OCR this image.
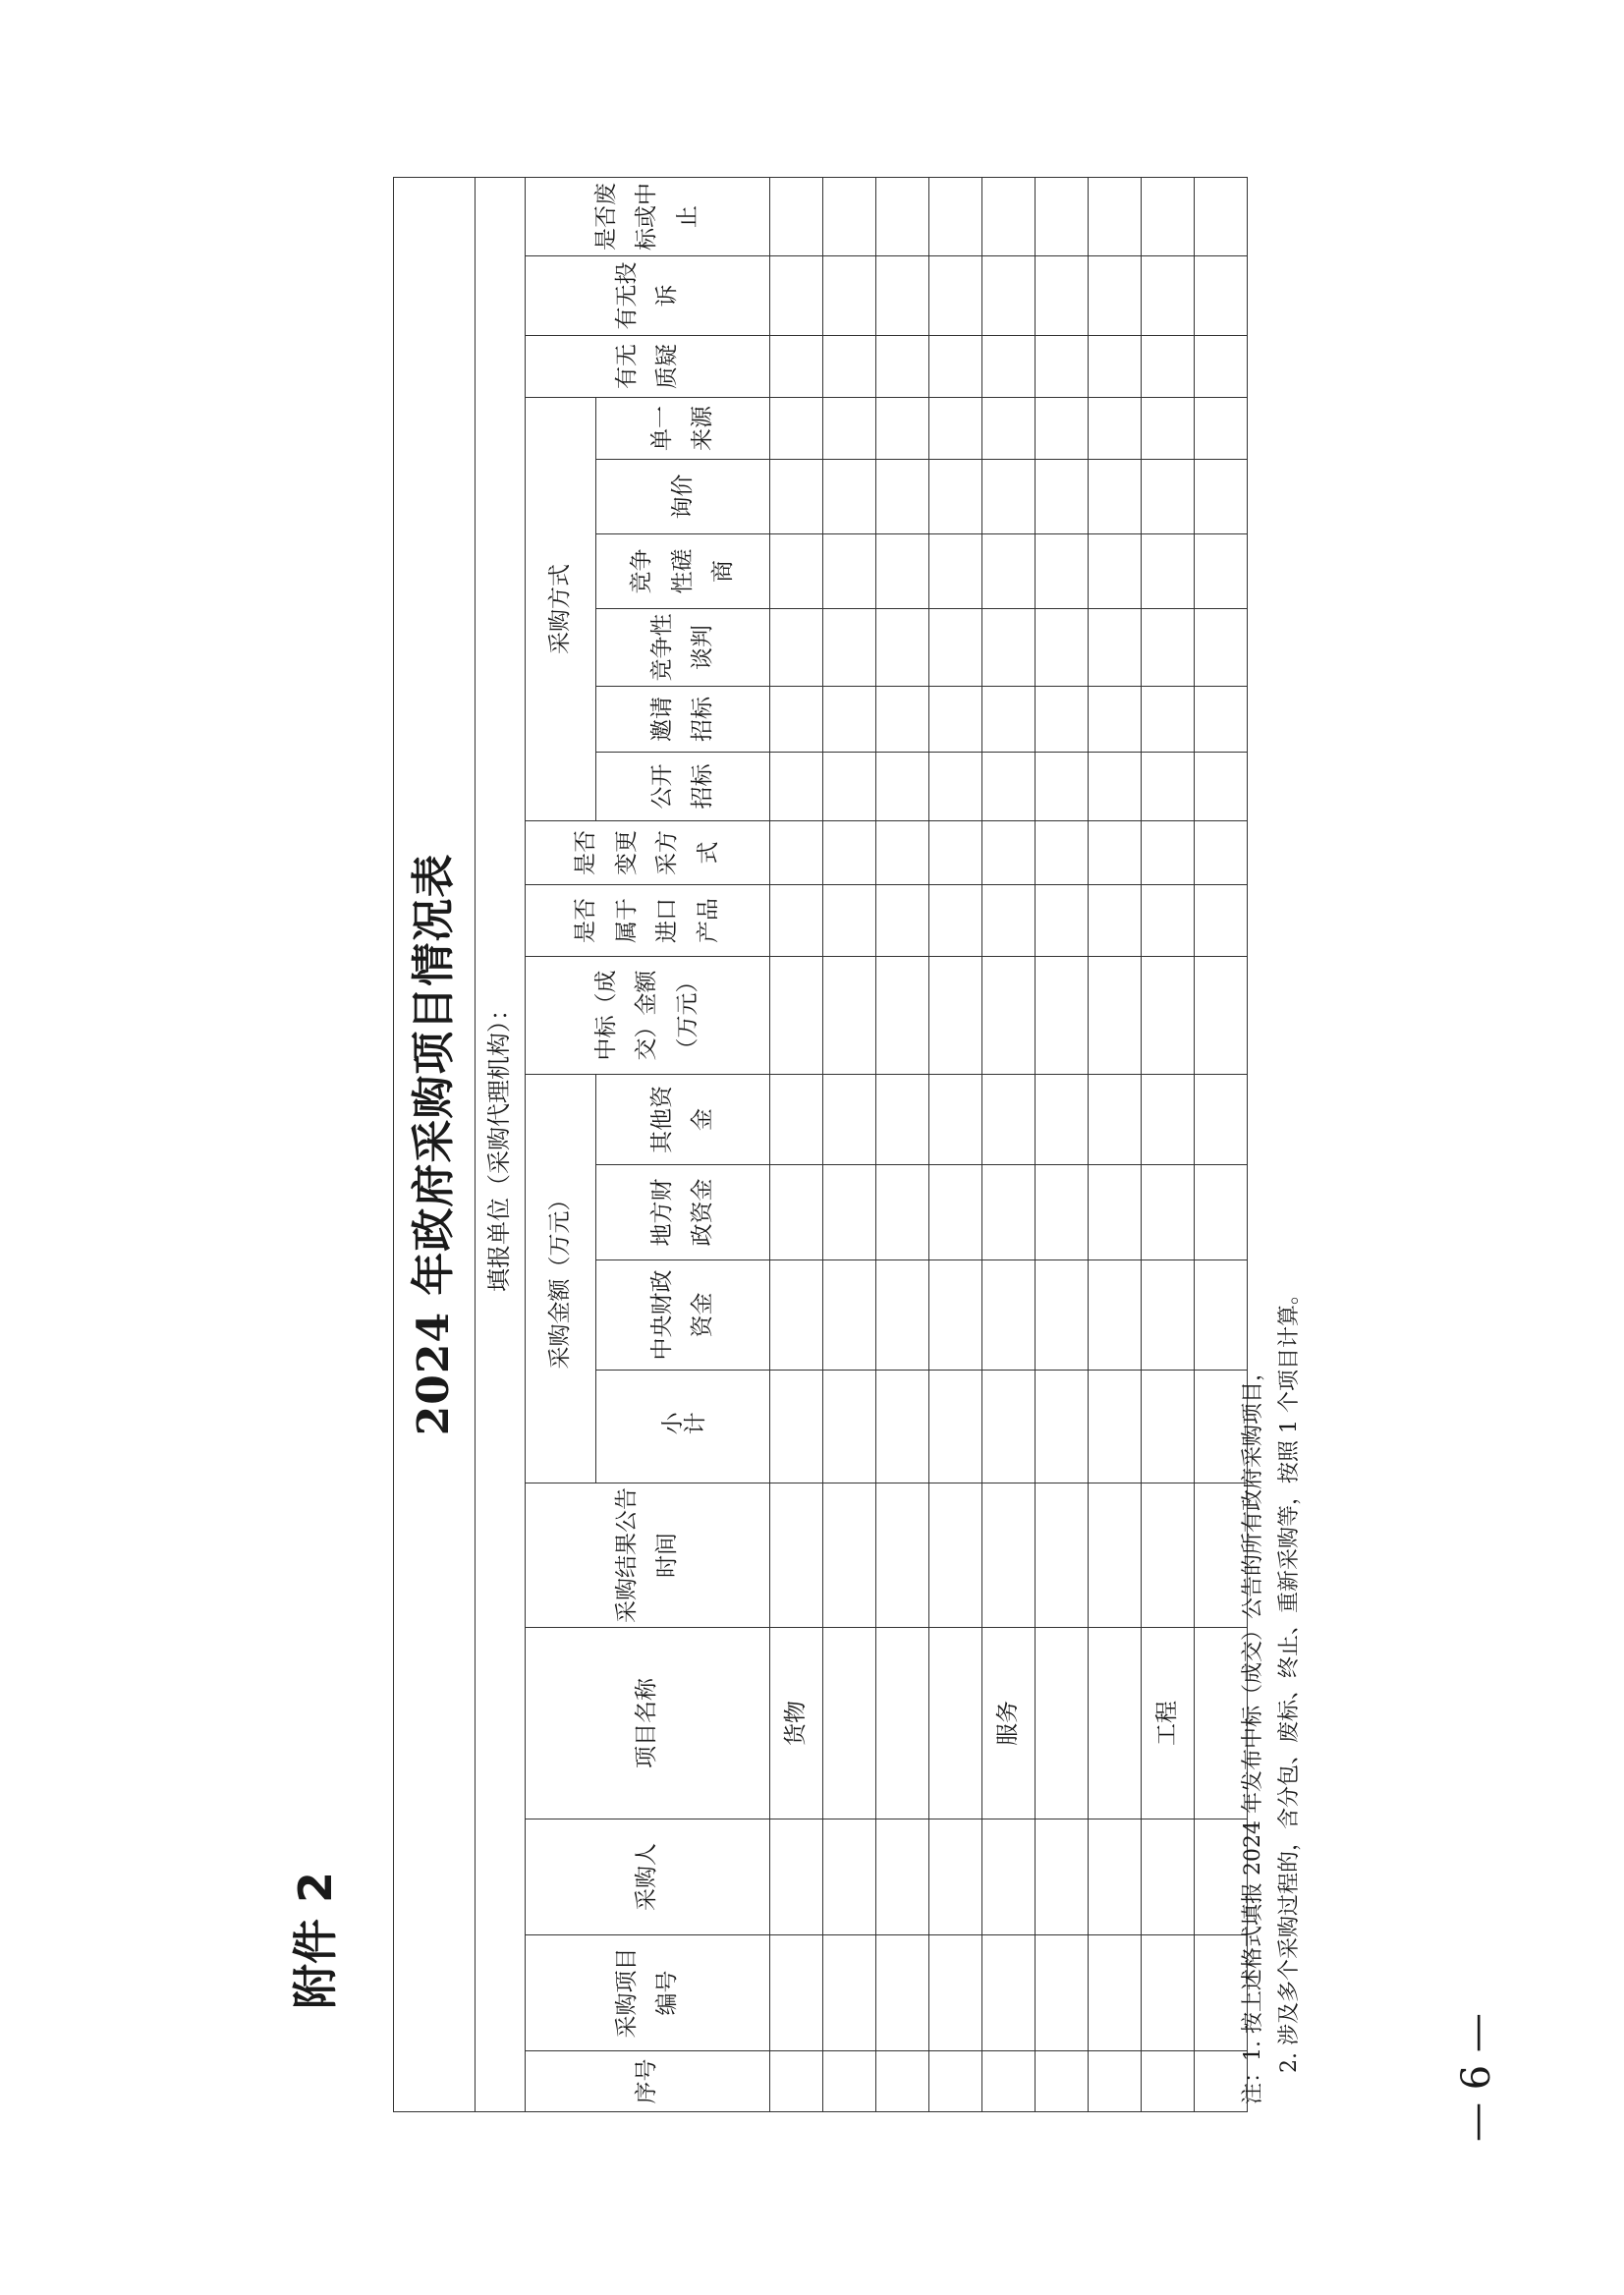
附件 2
2024 年政府采购项目情况表																					
填报单位（采购代理机构）：																					
序号	采购项目编号	采购人	项目名称	采购结果公告时间	采购金额（万元）				中标（成交）金额（万元）	是否属于进口产品	是否变更采方式	采购方式						有无质疑	有无投诉	是否废标或中止	
					小计	中央财政资金	地方财政资金	其他资金				公开招标	邀请招标	竞争性谈判	竞争性磋商	询价	单一来源				
			货物																		

			服务																		

			工程																		
																					注：1. 按上述格式填报 2024 年发布中标（成交）公告的所有政府采购项目， 2. 涉及多个采购过程的，含分包、废标、终止、重新采购等，按照 1 个项目计算。
— 6 —
